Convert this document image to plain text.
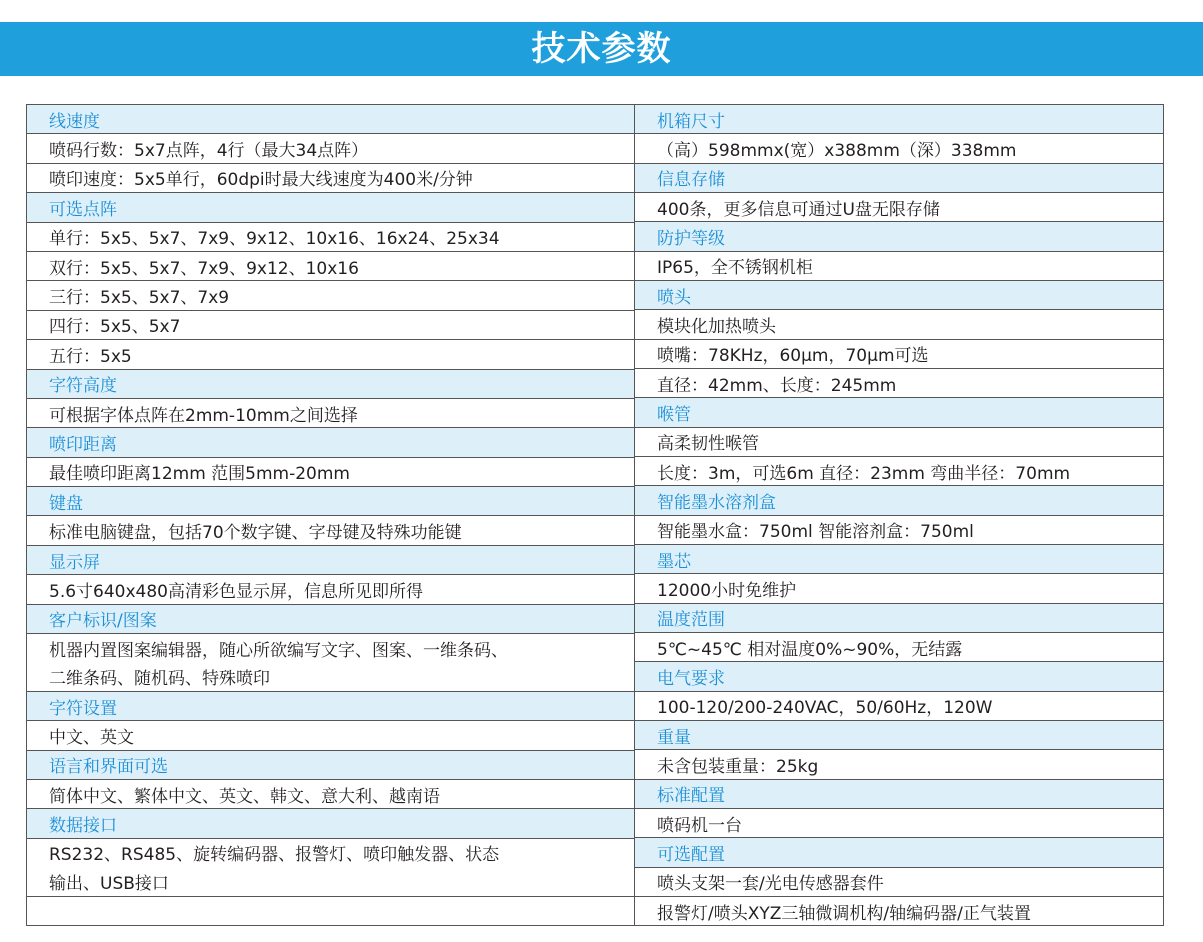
技术参数
线速度
喷码行数：5x7点阵，4行（最大34点阵）
喷印速度：5x5单行，60dpi时最大线速度为400米/分钟
可选点阵
单行：5x5、5x7、7x9、9x12、10x16、16x24、25x34
双行：5x5、5x7、7x9、9x12、10x16
三行：5x5、5x7、7x9
四行：5x5、5x7
五行：5x5
字符高度
可根据字体点阵在2mm-10mm之间选择
喷印距离
最佳喷印距离12mm 范围5mm-20mm
键盘
标准电脑键盘，包括70个数字键、字母键及特殊功能键
显示屏
5.6寸640x480高清彩色显示屏，信息所见即所得
客户标识/图案
机器内置图案编辑器，随心所欲编写文字、图案、一维条码、
二维条码、随机码、特殊喷印
字符设置
中文、英文
语言和界面可选
简体中文、繁体中文、英文、韩文、意大利、越南语
数据接口
RS232、RS485、旋转编码器、报警灯、喷印触发器、状态
输出、USB接口
机箱尺寸
（高）598mmx(宽）x388mm（深）338mm
信息存储
400条，更多信息可通过U盘无限存储
防护等级
IP65，全不锈钢机柜
喷头
模块化加热喷头
喷嘴：78KHz，60μm，70μm可选
直径：42mm、长度：245mm
喉管
高柔韧性喉管
长度：3m，可选6m 直径：23mm 弯曲半径：70mm
智能墨水溶剂盒
智能墨水盒：750ml 智能溶剂盒：750ml
墨芯
12000小时免维护
温度范围
5℃~45℃ 相对温度0%~90%，无结露
电气要求
100-120/200-240VAC，50/60Hz，120W
重量
未含包装重量：25kg
标准配置
喷码机一台
可选配置
喷头支架一套/光电传感器套件
报警灯/喷头XYZ三轴微调机构/轴编码器/正气装置
